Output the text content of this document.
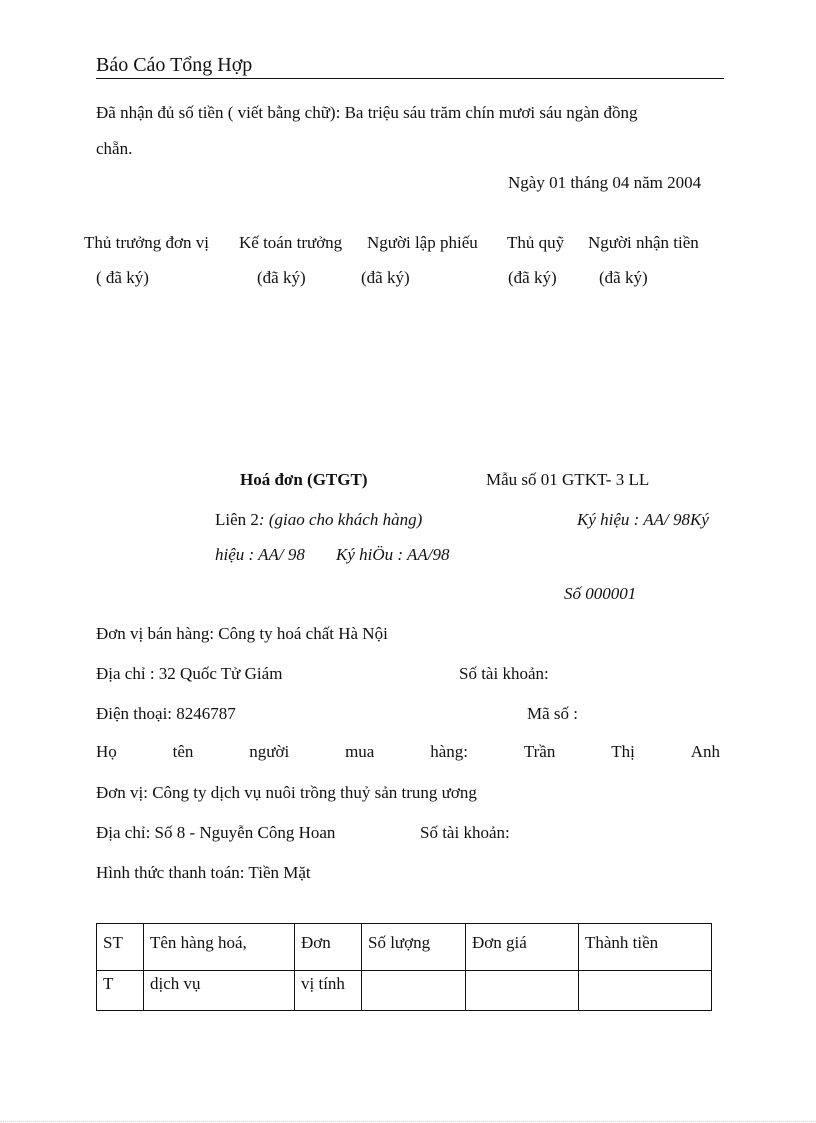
Báo Cáo Tổng Hợp
Đã nhận đủ số tiền ( viết bằng chữ): Ba triệu sáu trăm chín mươi sáu ngàn đồng
chẵn.
Ngày 01 tháng 04 năm 2004
Thủ trưởng đơn vị Kế toán trưởng Người lập phiếu Thủ quỹ Người nhận tiền
( đã ký)	(đã ký)	(đã ký)	(đã ký) (đã ký)
Hoá đơn (GTGT)	Mẫu số 01 GTKT- 3 LL
Liên 2: (giao cho khách hàng)	Ký hiệu : AA/ 98Ký
hiệu : AA/ 98 Ký hiÖu : AA/98
Số 000001
Đơn vị bán hàng: Công ty hoá chất Hà Nội
Địa chỉ : 32 Quốc Tử Giám	Số tài khoản:
Điện thoại: 8246787	Mã số :
Họ	tên	người	mua	hàng:	Trần	Thị	Anh
Đơn vị: Công ty dịch vụ nuôi trồng thuỷ sản trung ương
Địa chỉ: Số 8 - Nguyễn Công Hoan	Số tài khoản:
Hình thức thanh toán: Tiền Mặt
ST	Tên hàng hoá,	Đơn	Số lượng	Đơn giá	Thành tiền
T	dịch vụ	vị tính			
